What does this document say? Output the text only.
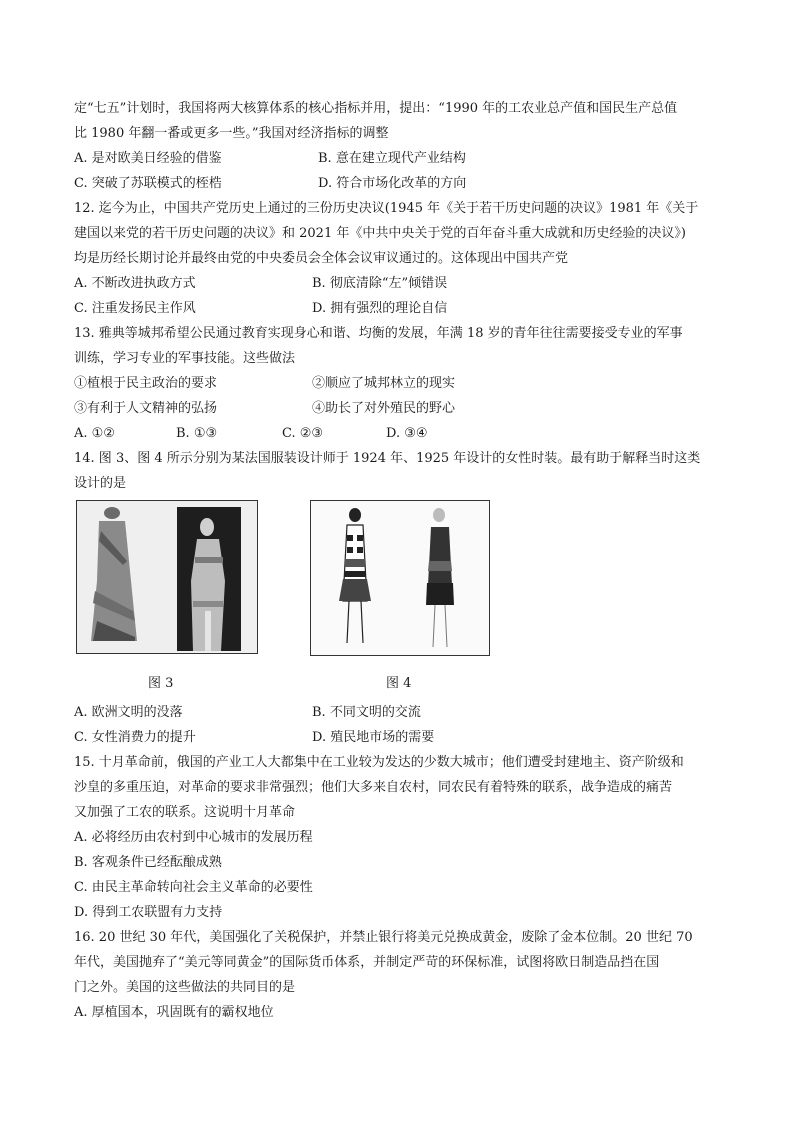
定“七五”计划时，我国将两大核算体系的核心指标并用，提出：“1990 年的工农业总产值和国民生产总值
比 1980 年翻一番或更多一些。”我国对经济指标的调整
A. 是对欧美日经验的借鉴	B. 意在建立现代产业结构
C. 突破了苏联模式的桎梏	D. 符合市场化改革的方向
12. 迄今为止，中国共产党历史上通过的三份历史决议(1945 年《关于若干历史问题的决议》1981 年《关于
建国以来党的若干历史问题的决议》和 2021 年《中共中央关于党的百年奋斗重大成就和历史经验的决议》)
均是历经长期讨论并最终由党的中央委员会全体会议审议通过的。这体现出中国共产党
A. 不断改进执政方式	B. 彻底清除“左”倾错误
C. 注重发扬民主作风	D. 拥有强烈的理论自信
13. 雅典等城邦希望公民通过教育实现身心和谐、均衡的发展，年满 18 岁的青年往往需要接受专业的军事
训练，学习专业的军事技能。这些做法
①植根于民主政治的要求	②顺应了城邦林立的现实
③有利于人文精神的弘扬	④助长了对外殖民的野心
A. ①②	B. ①③	C. ②③	D. ③④
14. 图 3、图 4 所示分别为某法国服装设计师于 1924 年、1925 年设计的女性时装。最有助于解释当时这类
设计的是
图 3	图 4
A. 欧洲文明的没落	B. 不同文明的交流
C. 女性消费力的提升	D. 殖民地市场的需要
15. 十月革命前，俄国的产业工人大都集中在工业较为发达的少数大城市；他们遭受封建地主、资产阶级和
沙皇的多重压迫，对革命的要求非常强烈；他们大多来自农村，同农民有着特殊的联系，战争造成的痛苦
又加强了工农的联系。这说明十月革命
A. 必将经历由农村到中心城市的发展历程
B. 客观条件已经酝酿成熟
C. 由民主革命转向社会主义革命的必要性
D. 得到工农联盟有力支持
16. 20 世纪 30 年代，美国强化了关税保护，并禁止银行将美元兑换成黄金，废除了金本位制。20 世纪 70
年代，美国抛弃了“美元等同黄金”的国际货币体系，并制定严苛的环保标准，试图将欧日制造品挡在国
门之外。美国的这些做法的共同目的是
A. 厚植国本，巩固既有的霸权地位
